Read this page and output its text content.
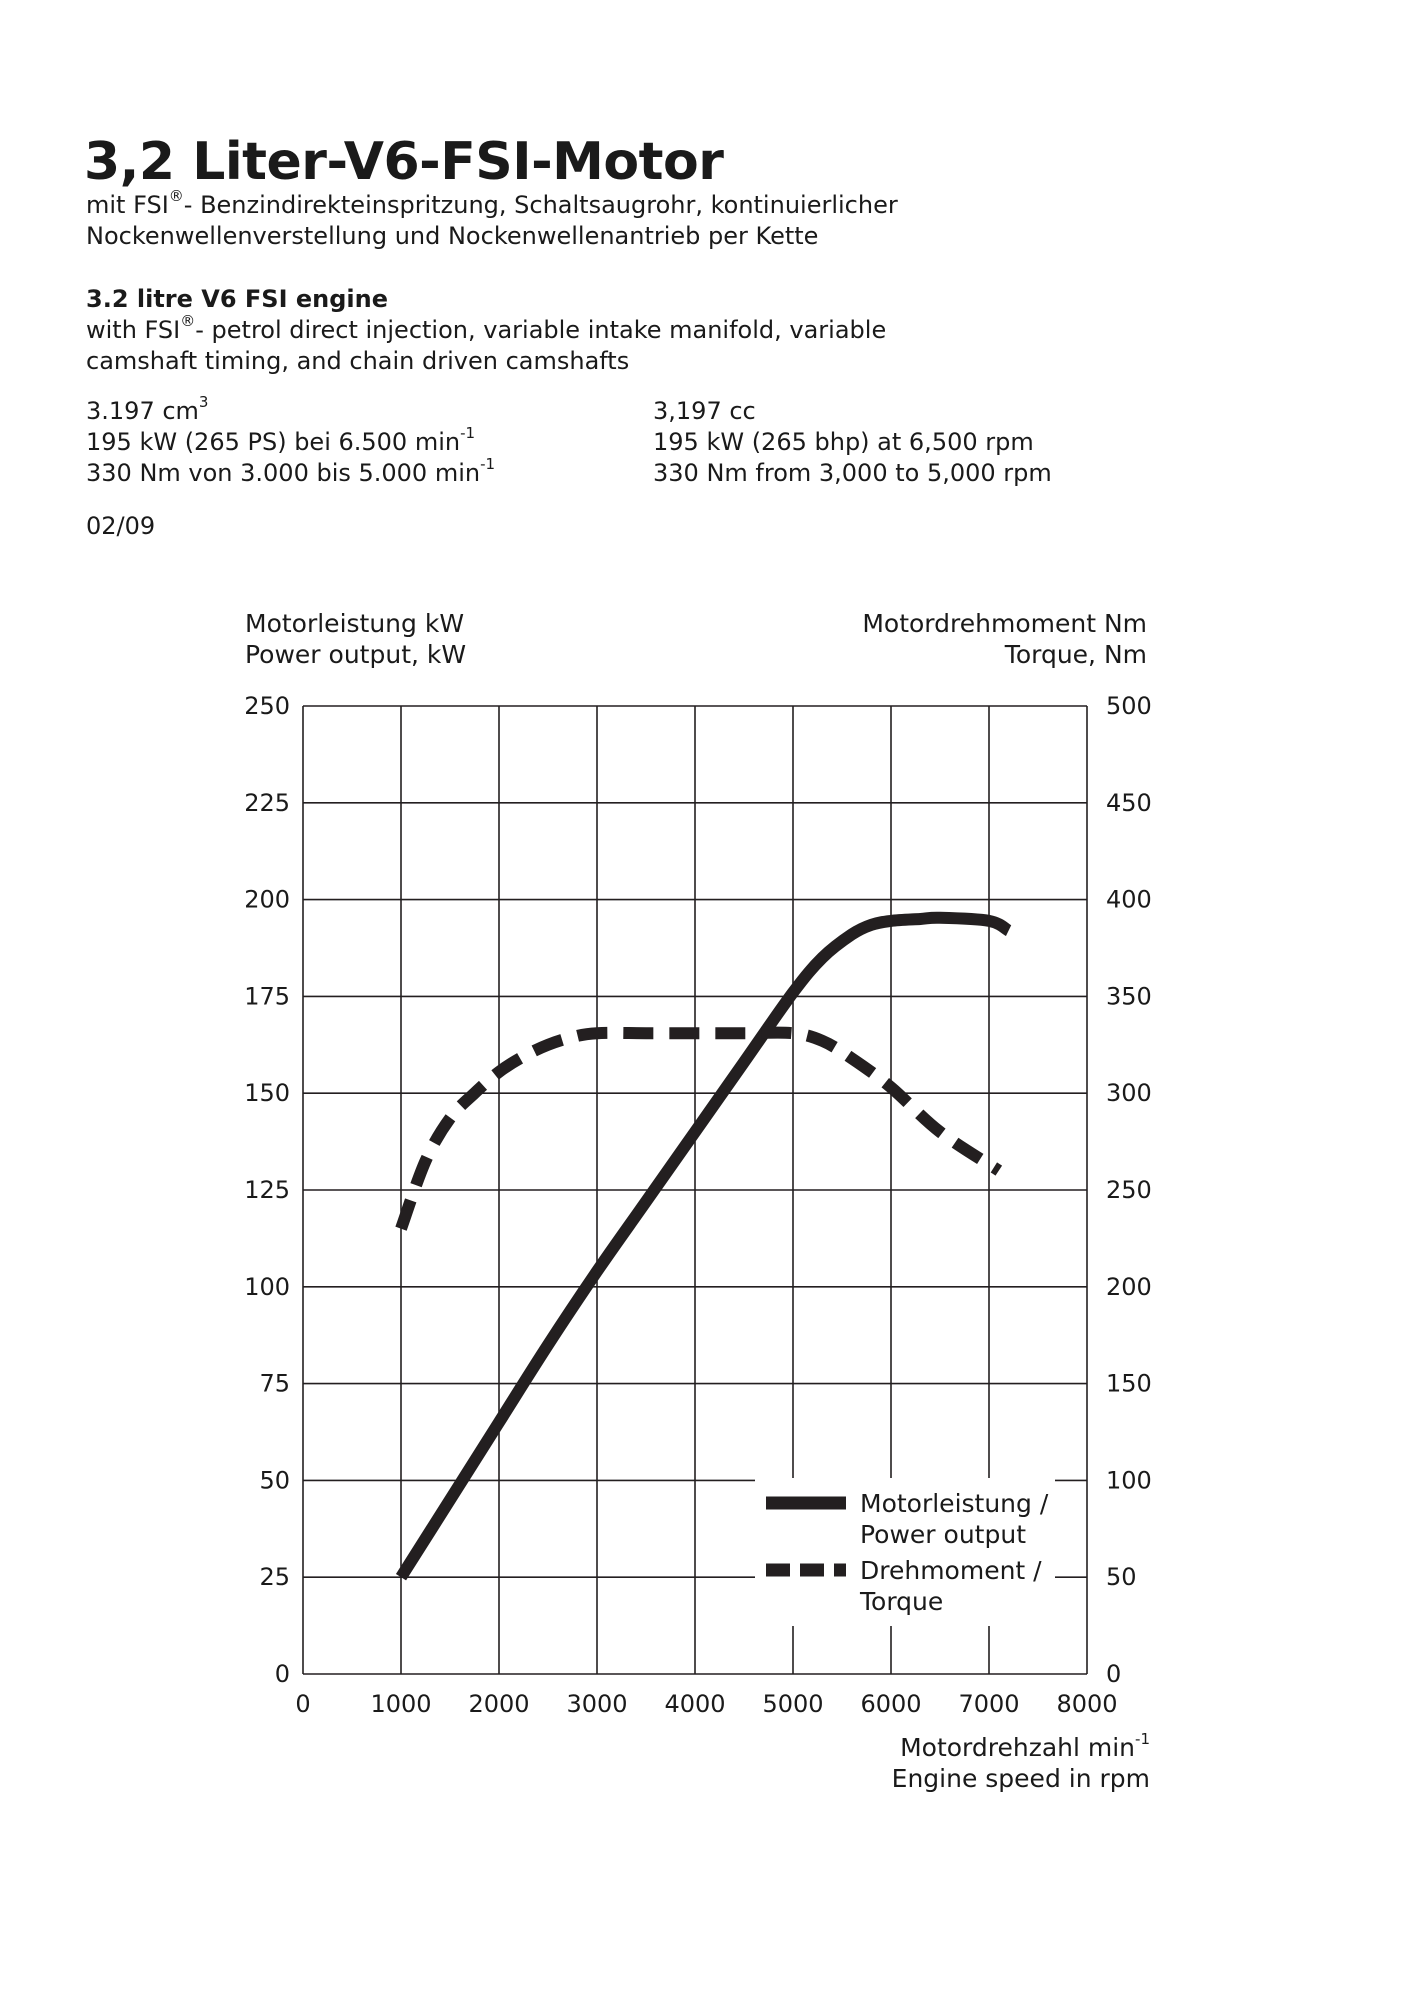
3,2 Liter-V6-FSI-Motor
mit FSI®- Benzindirekteinspritzung, Schaltsaugrohr, kontinuierlicher
Nockenwellenverstellung und Nockenwellenantrieb per Kette
3.2 litre V6 FSI engine
with FSI®- petrol direct injection, variable intake manifold, variable
camshaft timing, and chain driven camshafts
3.197 $cm^3$
195 kW (265 PS) bei 6.500 $\min^{-1}$
330 Nm von 3.000 bis 5.000 $\min^{-1}$
3,197 cc
195 kW (265 bhp) at 6,500 rpm
330 Nm from 3,000 to 5,000 rpm
02/09
Motorleistung kW
Power output, kW
Motordrehmoment Nm
Torque, Nm
Motordrehzahl $\min^{-1}$
Engine speed in rpm
0 1000 2000 3000 4000 5000 6000 7000 8000
0
25
50
75
100
125
150
175
200
225
250
0
50
100
150
200
250
300
350
400
450
500
Motorleistung /
Power output
Drehmoment /
Torque
